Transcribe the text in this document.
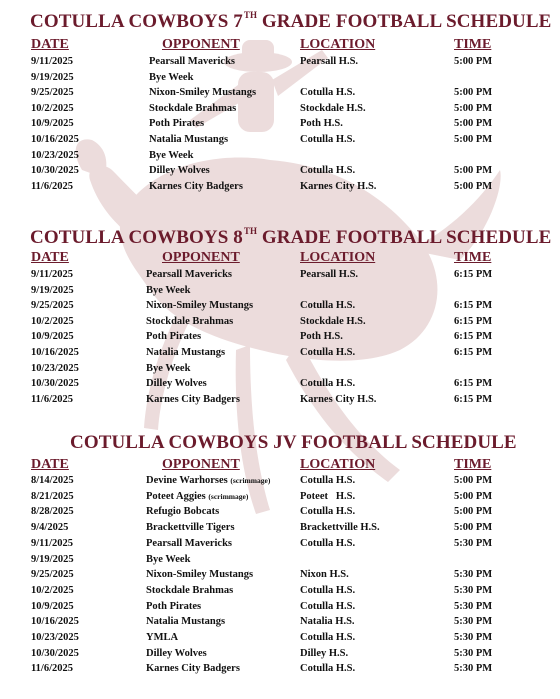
COTULLA COWBOYS 7TH GRADE FOOTBALL SCHEDULE
DATE	OPPONENT	LOCATION	TIME
9/11/2025	Pearsall Mavericks	Pearsall H.S.	5:00 PM
9/19/2025	Bye Week
9/25/2025	Nixon-Smiley Mustangs	Cotulla H.S.	5:00 PM
10/2/2025	Stockdale Brahmas	Stockdale H.S.	5:00 PM
10/9/2025	Poth Pirates	Poth H.S.	5:00 PM
10/16/2025	Natalia Mustangs	Cotulla H.S.	5:00 PM
10/23/2025	Bye Week
10/30/2025	Dilley Wolves	Cotulla H.S.	5:00 PM
11/6/2025	Karnes City Badgers	Karnes City H.S.	5:00 PM
COTULLA COWBOYS 8TH GRADE FOOTBALL SCHEDULE
DATE	OPPONENT	LOCATION	TIME
9/11/2025	Pearsall Mavericks	Pearsall H.S.	6:15 PM
9/19/2025	Bye Week
9/25/2025	Nixon-Smiley Mustangs	Cotulla H.S.	6:15 PM
10/2/2025	Stockdale Brahmas	Stockdale H.S.	6:15 PM
10/9/2025	Poth Pirates	Poth H.S.	6:15 PM
10/16/2025	Natalia Mustangs	Cotulla H.S.	6:15 PM
10/23/2025	Bye Week
10/30/2025	Dilley Wolves	Cotulla H.S.	6:15 PM
11/6/2025	Karnes City Badgers	Karnes City H.S.	6:15 PM
COTULLA COWBOYS JV FOOTBALL SCHEDULE
DATE	OPPONENT	LOCATION	TIME
8/14/2025	Devine Warhorses (scrimmage)	Cotulla H.S.	5:00 PM
8/21/2025	Poteet Aggies (scrimmage)	Poteet   H.S.	5:00 PM
8/28/2025	Refugio Bobcats	Cotulla H.S.	5:00 PM
9/4/2025	Brackettville Tigers	Brackettville H.S.	5:00 PM
9/11/2025	Pearsall Mavericks	Cotulla H.S.	5:30 PM
9/19/2025	Bye Week
9/25/2025	Nixon-Smiley Mustangs	Nixon H.S.	5:30 PM
10/2/2025	Stockdale Brahmas	Cotulla H.S.	5:30 PM
10/9/2025	Poth Pirates	Cotulla H.S.	5:30 PM
10/16/2025	Natalia Mustangs	Natalia H.S.	5:30 PM
10/23/2025	YMLA	Cotulla H.S.	5:30 PM
10/30/2025	Dilley Wolves	Dilley H.S.	5:30 PM
11/6/2025	Karnes City Badgers	Cotulla H.S.	5:30 PM
